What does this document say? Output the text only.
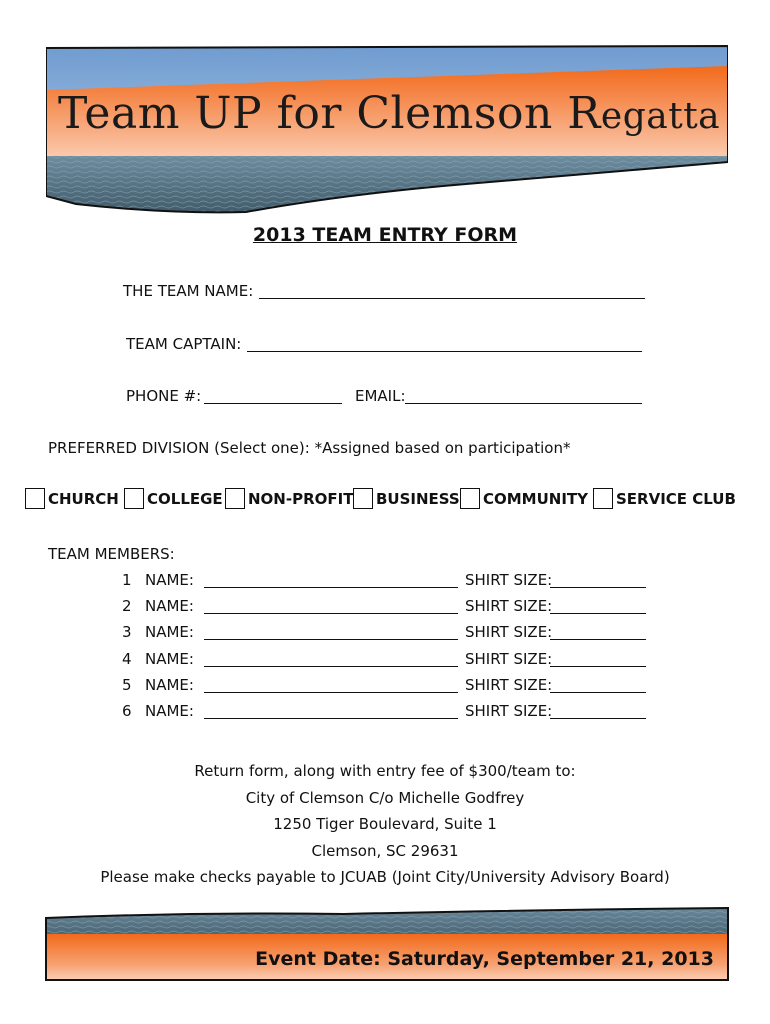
Team UP for Clemson Regatta
2013 TEAM ENTRY FORM
THE TEAM NAME:
TEAM CAPTAIN:
PHONE #:	EMAIL:
PREFERRED DIVISION (Select one): *Assigned based on participation*
CHURCH COLLEGE NON-PROFIT BUSINESS COMMUNITY SERVICE CLUB
TEAM MEMBERS:
1 NAME:	SHIRT SIZE:
2 NAME:	SHIRT SIZE:
3 NAME:	SHIRT SIZE:
4 NAME:	SHIRT SIZE:
5 NAME:	SHIRT SIZE:
6 NAME:	SHIRT SIZE:
Return form, along with entry fee of $300/team to:
City of Clemson C/o Michelle Godfrey
1250 Tiger Boulevard, Suite 1
Clemson, SC 29631
Please make checks payable to JCUAB (Joint City/University Advisory Board)
Event Date: Saturday, September 21, 2013
